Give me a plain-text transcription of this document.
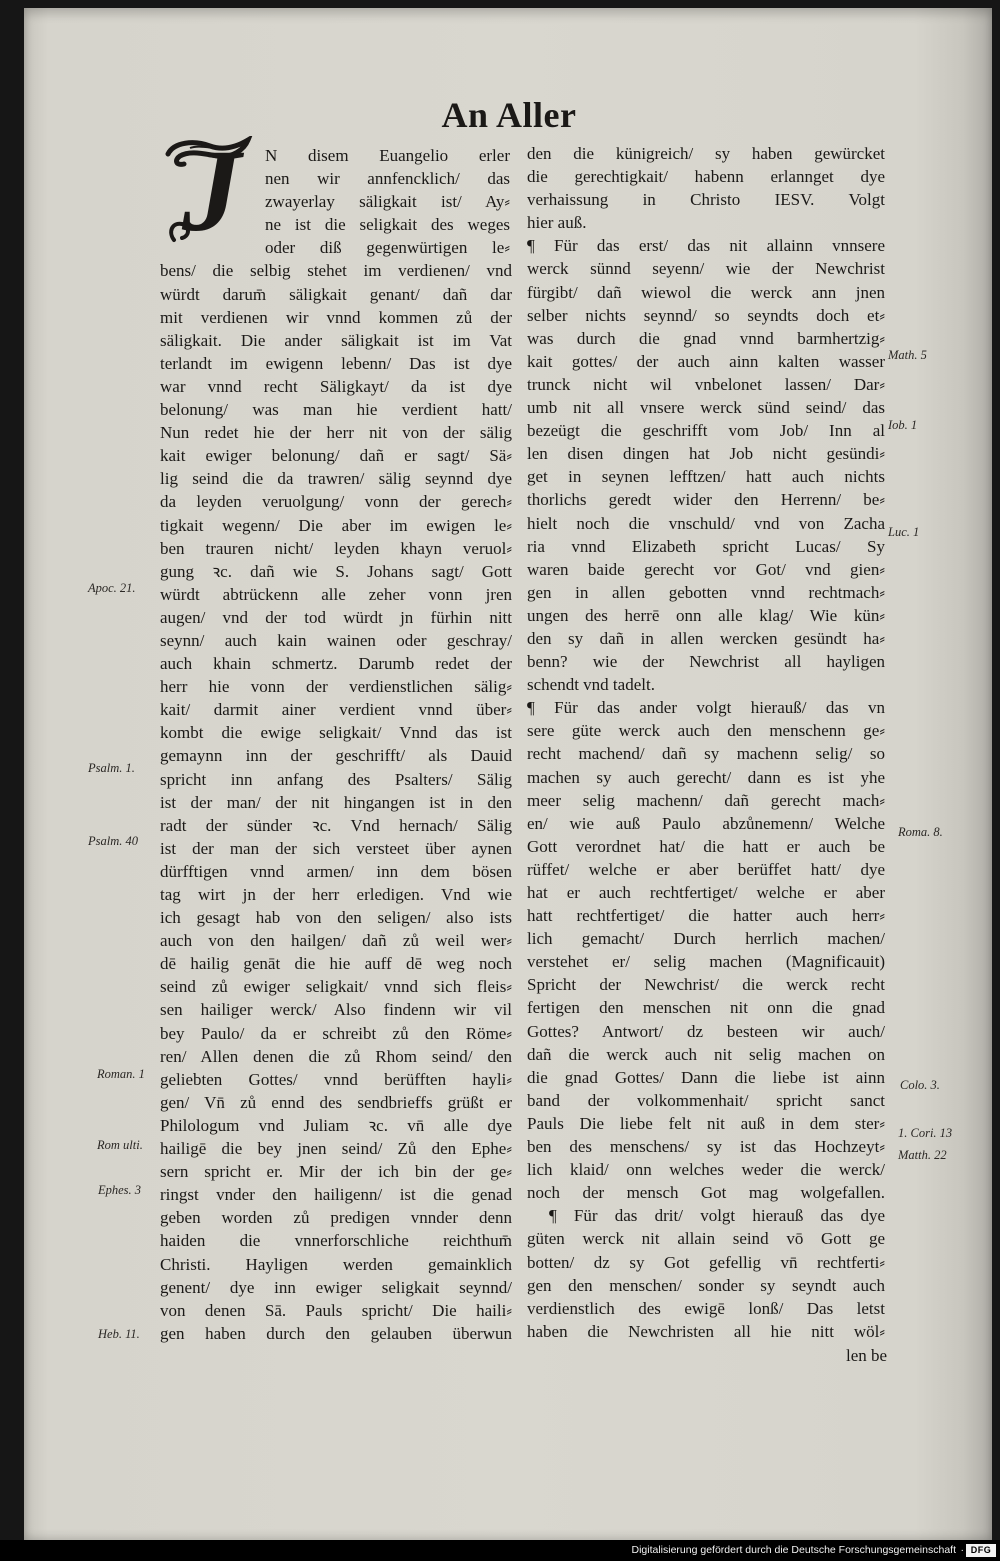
An Aller
J N disem Euangelio erler
nen wir annfencklich/ das
zwayerlay säligkait ist/ Ay⸗
ne ist die seligkait des weges
oder diß gegenwürtigen le⸗
bens/ die selbig stehet im verdienen/ vnd
würdt darum̄ säligkait genant/ dañ dar
mit verdienen wir vnnd kommen zů der
säligkait. Die ander säligkait ist im Vat
terlandt im ewigenn lebenn/ Das ist dye
war vnnd recht Säligkayt/ da ist dye
belonung/ was man hie verdient hatt/
Nun redet hie der herr nit von der sälig
kait ewiger belonung/ dañ er sagt/ Sä⸗
lig seind die da trawren/ sälig seynnd dye
da leyden veruolgung/ vonn der gerech⸗
tigkait wegenn/ Die aber im ewigen le⸗
ben trauren nicht/ leyden khayn veruol⸗
gung ꝛc. dañ wie S. Johans sagt/ Gott
würdt abtrückenn alle zeher vonn jren
augen/ vnd der tod würdt jn fürhin nitt
seynn/ auch kain wainen oder geschray/
auch khain schmertz. Darumb redet der
herr hie vonn der verdienstlichen sälig⸗
kait/ darmit ainer verdient vnnd über⸗
kombt die ewige seligkait/ Vnnd das ist
gemaynn inn der geschrifft/ als Dauid
spricht inn anfang des Psalters/ Sälig
ist der man/ der nit hingangen ist in den
radt der sünder ꝛc. Vnd hernach/ Sälig
ist der man der sich versteet über aynen
dürfftigen vnnd armen/ inn dem bösen
tag wirt jn der herr erledigen. Vnd wie
ich gesagt hab von den seligen/ also ists
auch von den hailgen/ dañ zů weil wer⸗
dē hailig genāt die hie auff dē weg noch
seind zů ewiger seligkait/ vnnd sich fleis⸗
sen hailiger werck/ Also findenn wir vil
bey Paulo/ da er schreibt zů den Röme⸗
ren/ Allen denen die zů Rhom seind/ den
geliebten Gottes/ vnnd berüfften hayli⸗
gen/ Vn̄ zů ennd des sendbrieffs grüßt er
Philologum vnd Juliam ꝛc. vn̄ alle dye
hailigē die bey jnen seind/ Zů den Ephe⸗
sern spricht er. Mir der ich bin der ge⸗
ringst vnder den hailigenn/ ist die genad
geben worden zů predigen vnnder denn
haiden die vnnerforschliche reichthum̄
Christi. Hayligen werden gemainklich
genent/ dye inn ewiger seligkait seynnd/
von denen Sā. Pauls spricht/ Die haili⸗
gen haben durch den gelauben überwun
den die künigreich/ sy haben gewürcket
die gerechtigkait/ habenn erlannget dye
verhaissung in Christo IESV. Volgt
hier auß.
¶ Für das erst/ das nit allainn vnnsere
werck sünnd seyenn/ wie der Newchrist
fürgibt/ dañ wiewol die werck ann jnen
selber nichts seynnd/ so seyndts doch et⸗
was durch die gnad vnnd barmhertzig⸗
kait gottes/ der auch ainn kalten wasser
trunck nicht wil vnbelonet lassen/ Dar⸗
umb nit all vnsere werck sünd seind/ das
bezeügt die geschrifft vom Job/ Inn al
len disen dingen hat Job nicht gesündi⸗
get in seynen lefftzen/ hatt auch nichts
thorlichs geredt wider den Herrenn/ be⸗
hielt noch die vnschuld/ vnd von Zacha
ria vnnd Elizabeth spricht Lucas/ Sy
waren baide gerecht vor Got/ vnd gien⸗
gen in allen gebotten vnnd rechtmach⸗
ungen des herrē onn alle klag/ Wie kün⸗
den sy dañ in allen wercken gesündt ha⸗
benn? wie der Newchrist all hayligen
schendt vnd tadelt.
¶ Für das ander volgt hierauß/ das vn
sere güte werck auch den menschenn ge⸗
recht machend/ dañ sy machenn selig/ so
machen sy auch gerecht/ dann es ist yhe
meer selig machenn/ dañ gerecht mach⸗
en/ wie auß Paulo abzůnemenn/ Welche
Gott verordnet hat/ die hatt er auch be
rüffet/ welche er aber berüffet hatt/ dye
hat er auch rechtfertiget/ welche er aber
hatt rechtfertiget/ die hatter auch herr⸗
lich gemacht/ Durch herrlich machen/
verstehet er/ selig machen (Magnificauit)
Spricht der Newchrist/ die werck recht
fertigen den menschen nit onn die gnad
Gottes? Antwort/ dz besteen wir auch/
dañ die werck auch nit selig machen on
die gnad Gottes/ Dann die liebe ist ainn
band der volkommenhait/ spricht sanct
Pauls Die liebe felt nit auß in dem ster⸗
ben des menschens/ sy ist das Hochzeyt⸗
lich klaid/ onn welches weder die werck/
noch der mensch Got mag wolgefallen.
¶ Für das drit/ volgt hierauß das dye
güten werck nit allain seind vō Gott ge
botten/ dz sy Got gefellig vn̄ rechtferti⸗
gen den menschen/ sonder sy seyndt auch
verdienstlich des ewigē lonß/ Das letst
haben die Newchristen all hie nitt wöl⸗
len be
Apoc. 21.
Psalm. 1.
Psalm. 40
Roman. 1
Rom ulti.
Ephes. 3
Heb. 11.
Math. 5
Iob. 1
Luc. 1
Roma. 8.
Colo. 3.
1. Cori. 13
Matth. 22
Digitalisierung gefördert durch die Deutsche Forschungsgemeinschaft · DFG
